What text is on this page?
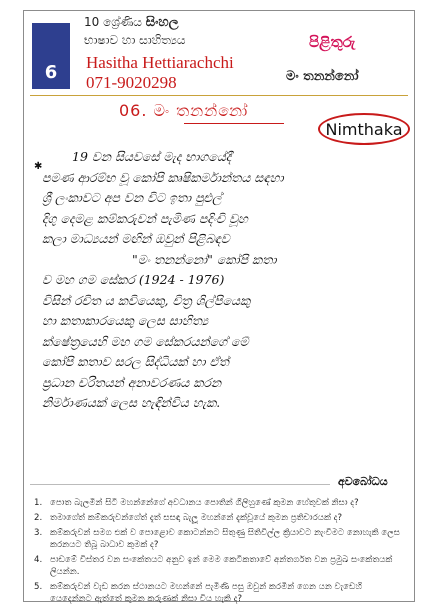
6
10 ශ්‍රේණිය සිංහල
භාෂාව හා සාහිත්‍යය
Hasitha Hettiarachchi
071-9020298
පිළිතුරු
මං තනන්නෝ
06. මං තනන්නෝ
Nimthaka
✱
19 වන සියවසේ මැද භාගයේදී
පමණ ආරම්භ වූ කෝපි කෘෂිකර්මාන්තය සඳහා
ශ්‍රී ලංකාවට අප වන විට ඉතා පුළුල්
දිගු දෙමළ කම්කරුවන් පැමිණ පදිංචි වූහ
කලා මාධ්‍යයන් මඟින් ඔවුන් පිළිබඳව
"මං තනන්නෝ" කෝපි කතා
ව මහ ගම සේකර (1924 - 1976)
විසින් රචිත ය කවියෙකු, චිත්‍ර ශිල්පියෙකු
හා කතාකාරයෙකු ලෙස සාහිත්‍ය
ක්ෂේත්‍රයෙහි මහ ගම සේකරයන්ගේ මේ
කෝපි කතාව සරල සිද්ධියක් හා ඒත්
ප්‍රධාන චරිතයන් අනාවරණය කරන
නිර්මාණයක් ලෙස හැඳින්විය හැක.
අවබෝධය
1. පොත බැලමින් සිටි මහන්නේගේ අවධානය පොතින් ගිලිහුණේ කුමන හේතුවක් නිසා ද?
2. තමාගේත් කම්කරුවන්ගේත් දැත් සසඳා බැලූ මහන්නේ දැක්වූයේ කුමන ප්‍රතිචාරයක් ද?
3. කම්කරුවන් සමග එක් ව පොළොව කොටන්නට සිතුණු සිතිවිල්ල ක්‍රියාවට නැංවීමට නොහැකි ලෙස කරනයට තිබූ බාධාව කුමක් ද?
4. පාඩමේ විස්තර වන සංකේතයට අනුව ඉන් මෙම කෙටිකතාවේ අන්තර්ගත වන ප්‍රමුඛ සංකේතයක් ලියන්න.
5. කම්කරුවන් වැඩ කරන ස්ථානයට මහන්නේ පැමිණි පසු ඔවුන් කරමින් ගෙන යන වැඩෙහි යෙදෙන්නට ඇත්තේ කුමන කරුණක් නිසා විය හැකි ද?
